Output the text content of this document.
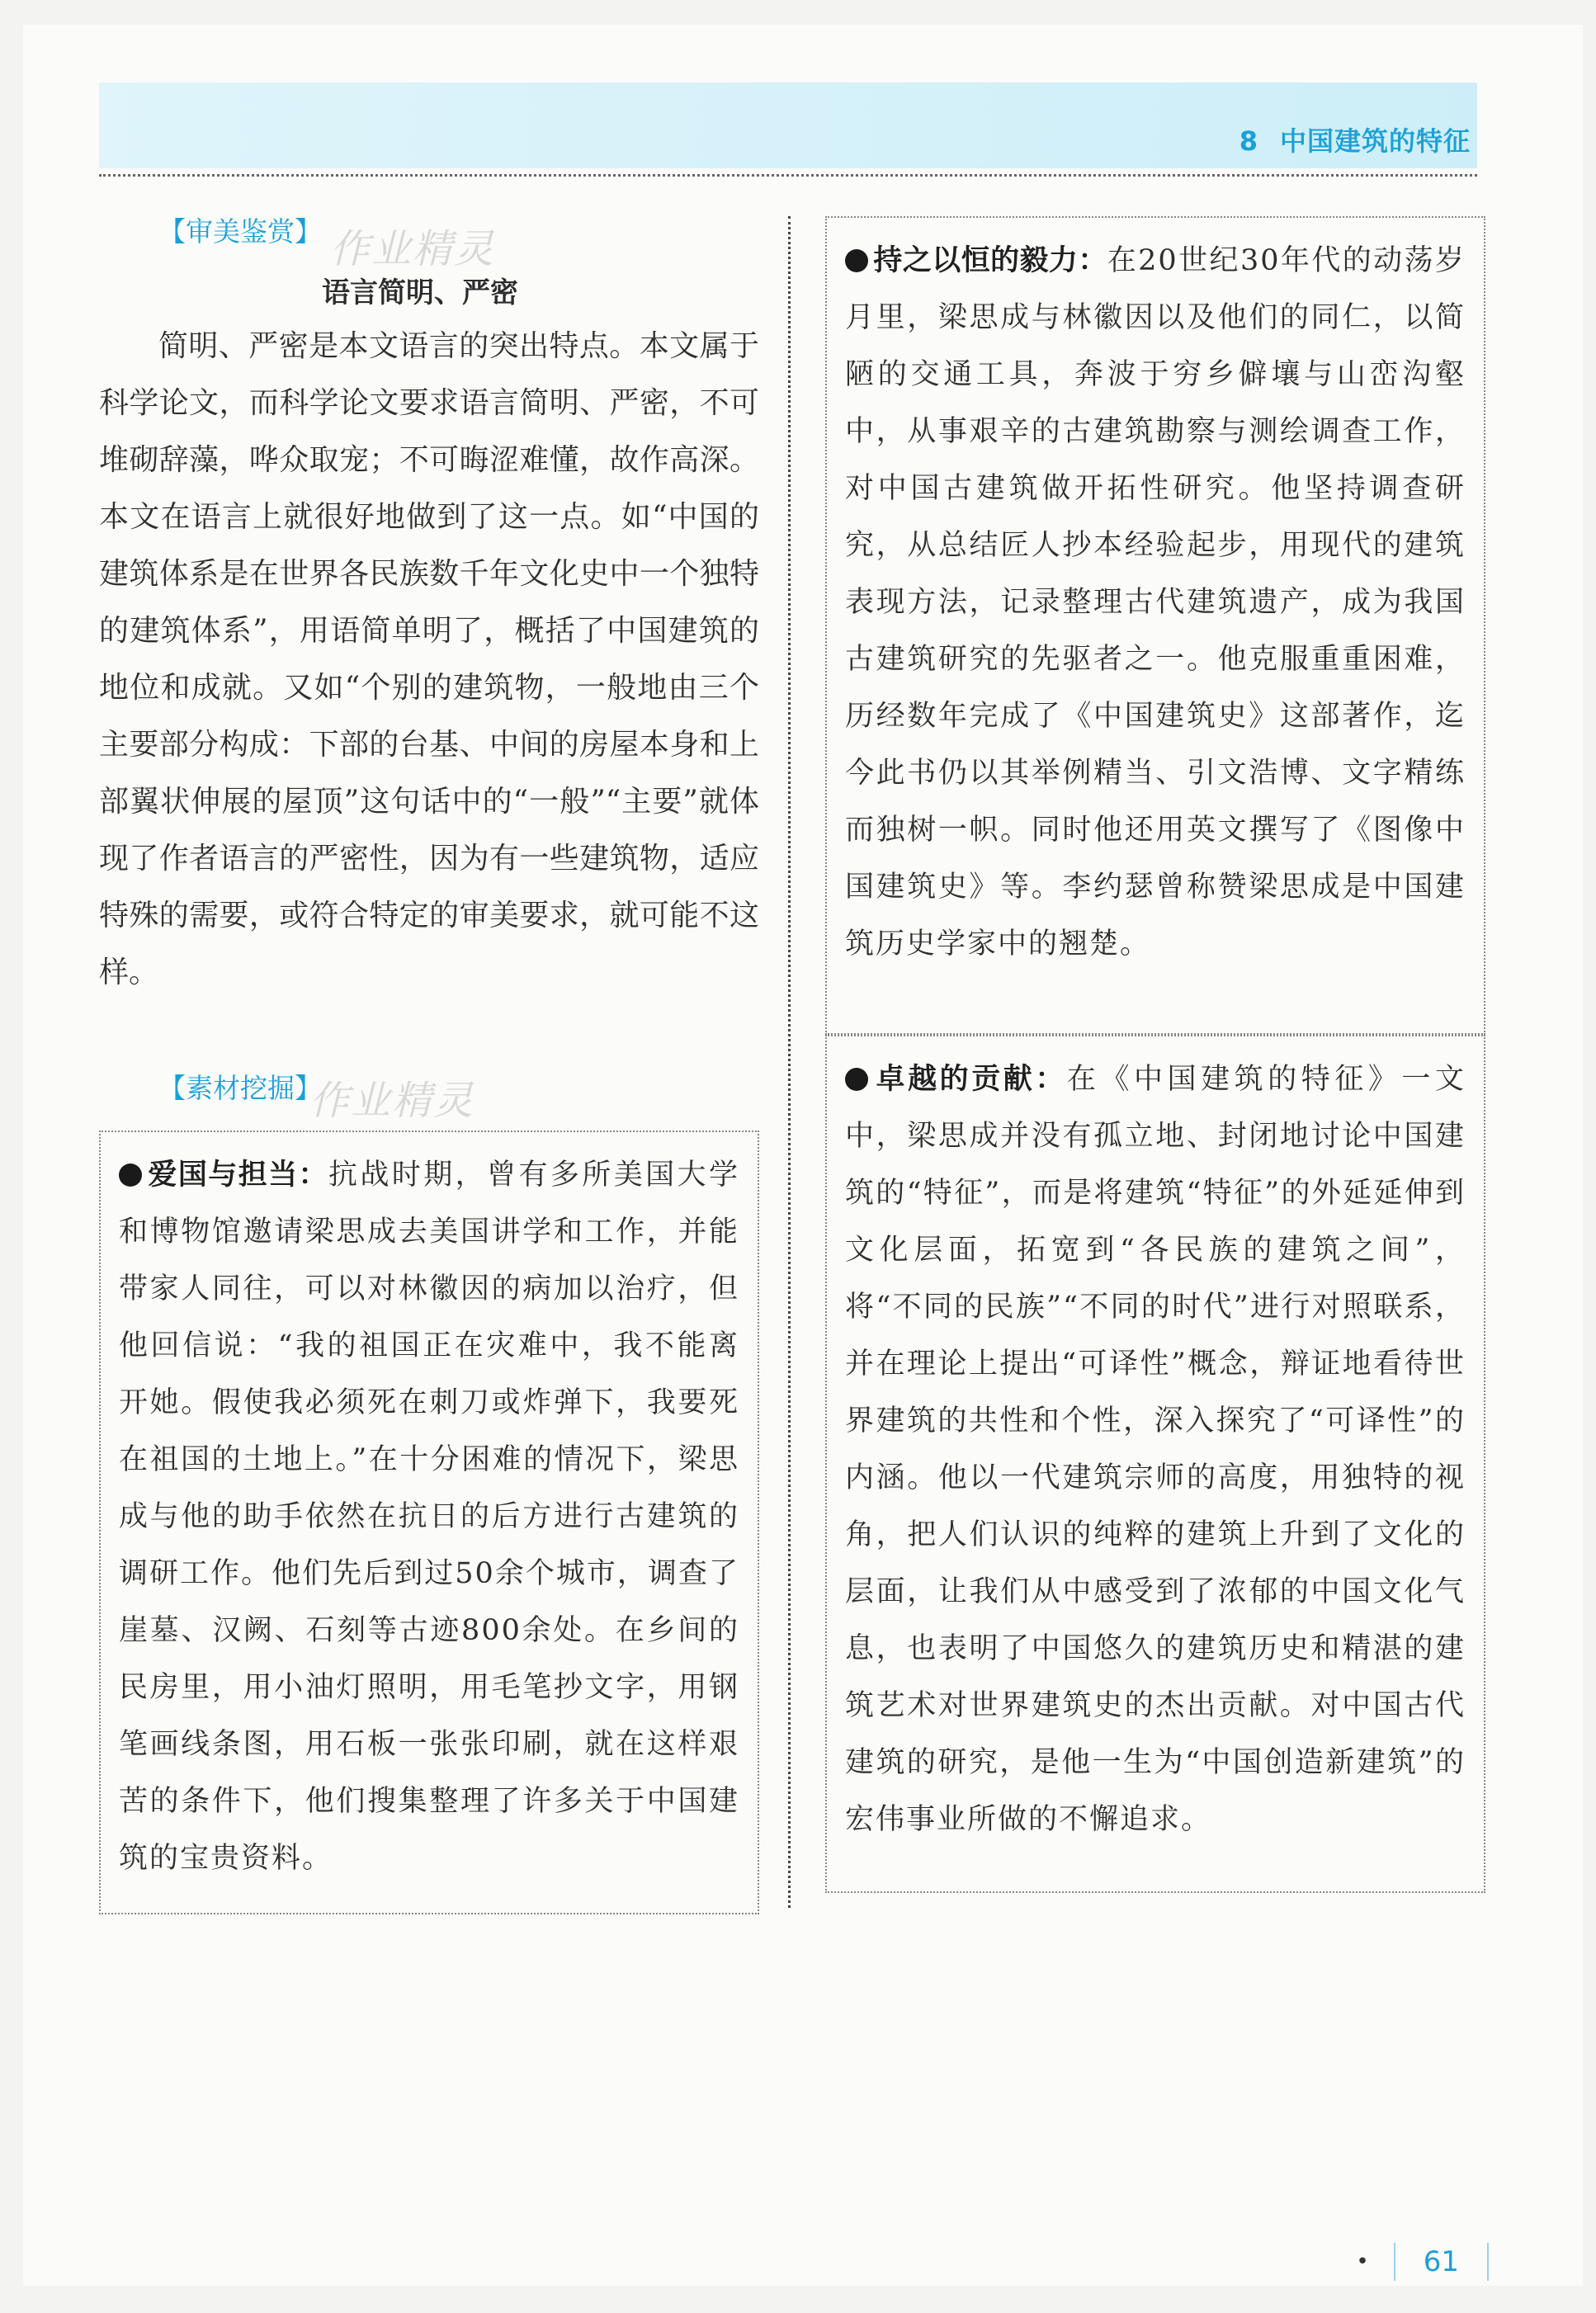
8 中国建筑的特征
【审美鉴赏】 作业精灵
语言简明、严密
简明、严密是本文语言的突出特点。本文属于科学论文，而科学论文要求语言简明、严密，不可堆砌辞藻，哗众取宠；不可晦涩难懂，故作高深。本文在语言上就很好地做到了这一点。如“中国的建筑体系是在世界各民族数千年文化史中一个独特的建筑体系”，用语简单明了，概括了中国建筑的地位和成就。又如“个别的建筑物，一般地由三个主要部分构成：下部的台基、中间的房屋本身和上部翼状伸展的屋顶”这句话中的“一般”“主要”就体现了作者语言的严密性，因为有一些建筑物，适应特殊的需要，或符合特定的审美要求，就可能不这样。
【素材挖掘】
作业精灵
爱国与担当：抗战时期，曾有多所美国大学和博物馆邀请梁思成去美国讲学和工作，并能带家人同往，可以对林徽因的病加以治疗，但他回信说：“我的祖国正在灾难中，我不能离开她。假使我必须死在刺刀或炸弹下，我要死在祖国的土地上。”在十分困难的情况下，梁思成与他的助手依然在抗日的后方进行古建筑的调研工作。他们先后到过50余个城市，调查了崖墓、汉阙、石刻等古迹800余处。在乡间的民房里，用小油灯照明，用毛笔抄文字，用钢笔画线条图，用石板一张张印刷，就在这样艰苦的条件下，他们搜集整理了许多关于中国建筑的宝贵资料。
持之以恒的毅力：在20世纪30年代的动荡岁月里，梁思成与林徽因以及他们的同仁，以简陋的交通工具，奔波于穷乡僻壤与山峦沟壑中，从事艰辛的古建筑勘察与测绘调查工作，对中国古建筑做开拓性研究。他坚持调查研究，从总结匠人抄本经验起步，用现代的建筑表现方法，记录整理古代建筑遗产，成为我国古建筑研究的先驱者之一。他克服重重困难，历经数年完成了《中国建筑史》这部著作，迄今此书仍以其举例精当、引文浩博、文字精练而独树一帜。同时他还用英文撰写了《图像中国建筑史》等。李约瑟曾称赞梁思成是中国建筑历史学家中的翘楚。
卓越的贡献：在《中国建筑的特征》一文中，梁思成并没有孤立地、封闭地讨论中国建筑的“特征”，而是将建筑“特征”的外延延伸到文化层面，拓宽到“各民族的建筑之间”，将“不同的民族”“不同的时代”进行对照联系，并在理论上提出“可译性”概念，辩证地看待世界建筑的共性和个性，深入探究了“可译性”的内涵。他以一代建筑宗师的高度，用独特的视角，把人们认识的纯粹的建筑上升到了文化的层面，让我们从中感受到了浓郁的中国文化气息，也表明了中国悠久的建筑历史和精湛的建筑艺术对世界建筑史的杰出贡献。对中国古代建筑的研究，是他一生为“中国创造新建筑”的宏伟事业所做的不懈追求。
• 61
